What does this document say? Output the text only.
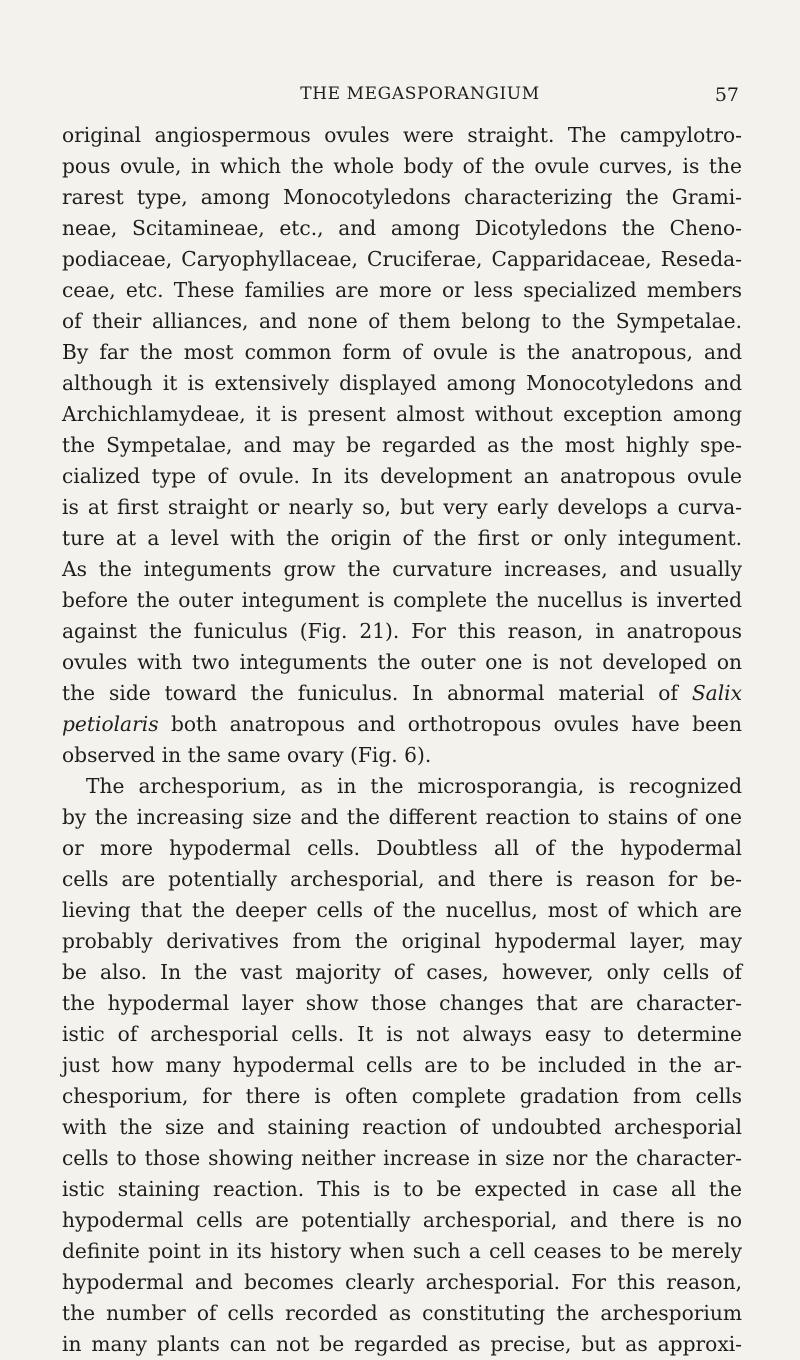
THE MEGASPORANGIUM	57
original angiospermous ovules were straight. The campylotro-
pous ovule, in which the whole body of the ovule curves, is the
rarest type, among Monocotyledons characterizing the Grami-
neae, Scitamineae, etc., and among Dicotyledons the Cheno-
podiaceae, Caryophyllaceae, Cruciferae, Capparidaceae, Reseda-
ceae, etc. These families are more or less specialized members
of their alliances, and none of them belong to the Sympetalae.
By far the most common form of ovule is the anatropous, and
although it is extensively displayed among Monocotyledons and
Archichlamydeae, it is present almost without exception among
the Sympetalae, and may be regarded as the most highly spe-
cialized type of ovule. In its development an anatropous ovule
is at first straight or nearly so, but very early develops a curva-
ture at a level with the origin of the first or only integument.
As the integuments grow the curvature increases, and usually
before the outer integument is complete the nucellus is inverted
against the funiculus (Fig. 21). For this reason, in anatropous
ovules with two integuments the outer one is not developed on
the side toward the funiculus. In abnormal material of Salix
petiolaris both anatropous and orthotropous ovules have been
observed in the same ovary (Fig. 6).
The archesporium, as in the microsporangia, is recognized
by the increasing size and the different reaction to stains of one
or more hypodermal cells. Doubtless all of the hypodermal
cells are potentially archesporial, and there is reason for be-
lieving that the deeper cells of the nucellus, most of which are
probably derivatives from the original hypodermal layer, may
be also. In the vast majority of cases, however, only cells of
the hypodermal layer show those changes that are character-
istic of archesporial cells. It is not always easy to determine
just how many hypodermal cells are to be included in the ar-
chesporium, for there is often complete gradation from cells
with the size and staining reaction of undoubted archesporial
cells to those showing neither increase in size nor the character-
istic staining reaction. This is to be expected in case all the
hypodermal cells are potentially archesporial, and there is no
definite point in its history when such a cell ceases to be merely
hypodermal and becomes clearly archesporial. For this reason,
the number of cells recorded as constituting the archesporium
in many plants can not be regarded as precise, but as approxi-
